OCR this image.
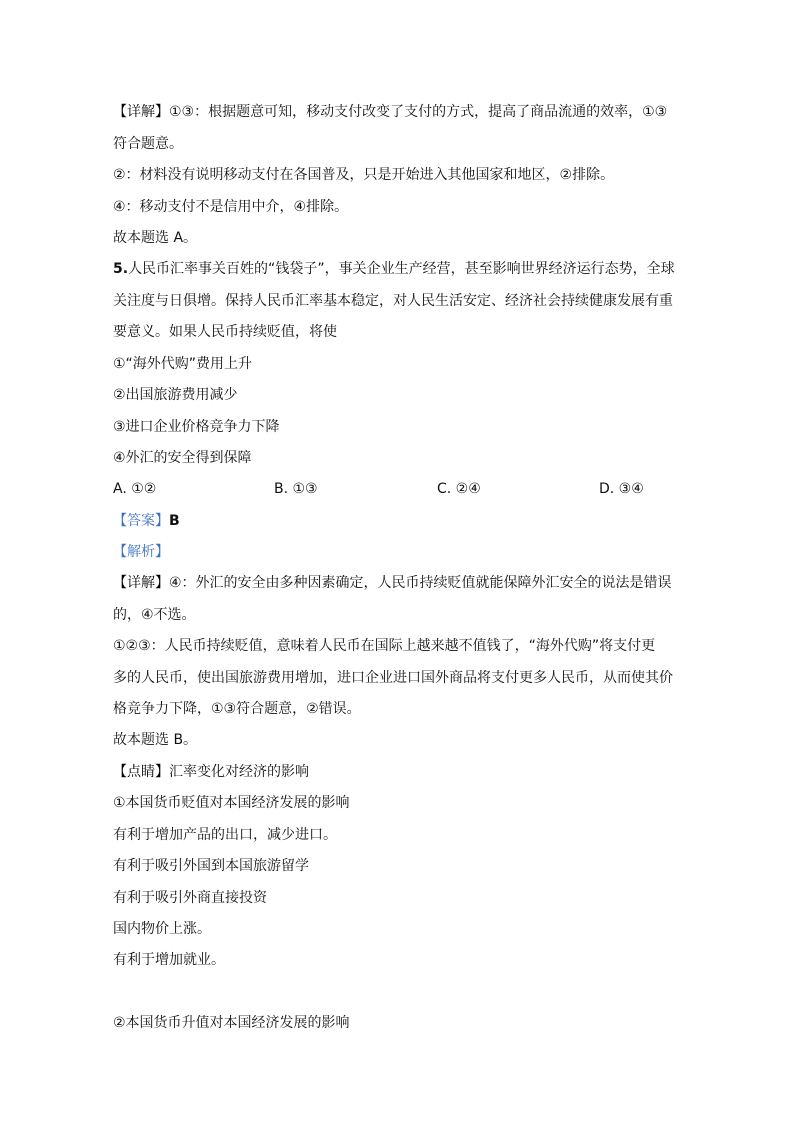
【详解】①③：根据题意可知，移动支付改变了支付的方式，提高了商品流通的效率，①③
符合题意。
②：材料没有说明移动支付在各国普及，只是开始进入其他国家和地区，②排除。
④：移动支付不是信用中介，④排除。
故本题选 A。
5.人民币汇率事关百姓的“钱袋子”，事关企业生产经营，甚至影响世界经济运行态势，全球
关注度与日俱增。保持人民币汇率基本稳定，对人民生活安定、经济社会持续健康发展有重
要意义。如果人民币持续贬值，将使
①“海外代购”费用上升
②出国旅游费用减少
③进口企业价格竞争力下降
④外汇的安全得到保障
A. ①②	B. ①③	C. ②④	D. ③④
【答案】B
【解析】
【详解】④：外汇的安全由多种因素确定，人民币持续贬值就能保障外汇安全的说法是错误
的，④不选。
①②③：人民币持续贬值，意味着人民币在国际上越来越不值钱了，“海外代购”将支付更
多的人民币，使出国旅游费用增加，进口企业进口国外商品将支付更多人民币，从而使其价
格竞争力下降，①③符合题意，②错误。
故本题选 B。
【点睛】汇率变化对经济的影响
①本国货币贬值对本国经济发展的影响
有利于增加产品的出口，减少进口。
有利于吸引外国到本国旅游留学
有利于吸引外商直接投资
国内物价上涨。
有利于增加就业。
②本国货币升值对本国经济发展的影响
